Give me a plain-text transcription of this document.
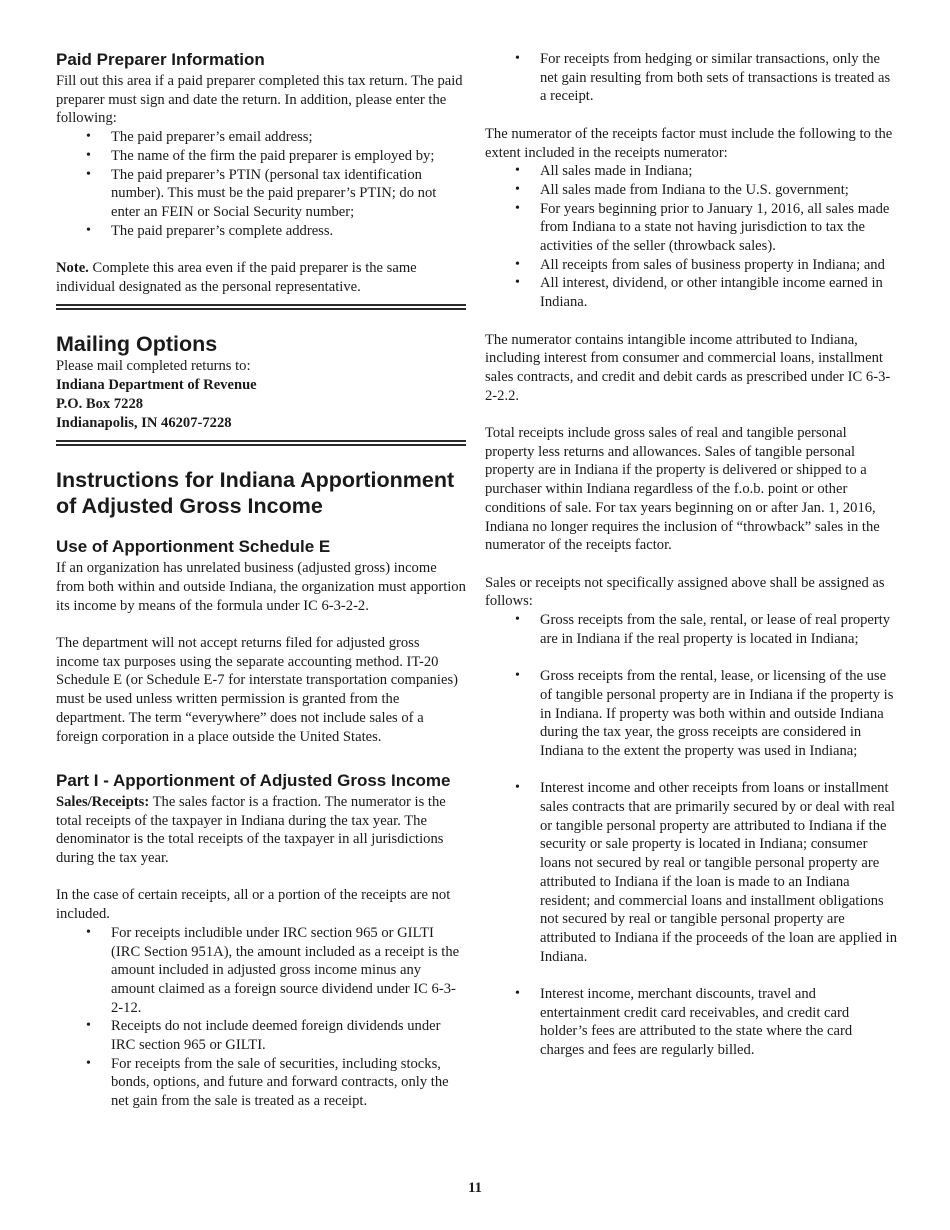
Paid Preparer Information

Fill out this area if a paid preparer completed this tax return. The paid preparer must sign and date the return. In addition, please enter the following:

• The paid preparer’s email address;
• The name of the firm the paid preparer is employed by;
• The paid preparer’s PTIN (personal tax identification number). This must be the paid preparer’s PTIN; do not enter an FEIN or Social Security number;
• The paid preparer’s complete address.

Note. Complete this area even if the paid preparer is the same individual designated as the personal representative.

Mailing Options

Please mail completed returns to:

Indiana Department of Revenue
P.O. Box 7228
Indianapolis, IN 46207-7228

Instructions for Indiana Apportionment of Adjusted Gross Income
Use of Apportionment Schedule E

If an organization has unrelated business (adjusted gross) income from both within and outside Indiana, the organization must apportion its income by means of the formula under IC 6-3-2-2.

The department will not accept returns filed for adjusted gross income tax purposes using the separate accounting method. IT-20 Schedule E (or Schedule E-7 for interstate transportation companies) must be used unless written permission is granted from the department. The term “everywhere” does not include sales of a foreign corporation in a place outside the United States.

Part I - Apportionment of Adjusted Gross Income

Sales/Receipts: The sales factor is a fraction. The numerator is the total receipts of the taxpayer in Indiana during the tax year. The denominator is the total receipts of the taxpayer in all jurisdictions during the tax year.

In the case of certain receipts, all or a portion of the receipts are not included.

• For receipts includible under IRC section 965 or GILTI (IRC Section 951A), the amount included as a receipt is the amount included in adjusted gross income minus any amount claimed as a foreign source dividend under IC 6-3-2-12.
• Receipts do not include deemed foreign dividends under IRC section 965 or GILTI.
• For receipts from the sale of securities, including stocks, bonds, options, and future and forward contracts, only the net gain from the sale is treated as a receipt.
• For receipts from hedging or similar transactions, only the net gain resulting from both sets of transactions is treated as a receipt.

The numerator of the receipts factor must include the following to the extent included in the receipts numerator:

• All sales made in Indiana;
• All sales made from Indiana to the U.S. government;
• For years beginning prior to January 1, 2016, all sales made from Indiana to a state not having jurisdiction to tax the activities of the seller (throwback sales).
• All receipts from sales of business property in Indiana; and
• All interest, dividend, or other intangible income earned in Indiana.

The numerator contains intangible income attributed to Indiana, including interest from consumer and commercial loans, installment sales contracts, and credit and debit cards as prescribed under IC 6-3-2-2.2.

Total receipts include gross sales of real and tangible personal property less returns and allowances. Sales of tangible personal property are in Indiana if the property is delivered or shipped to a purchaser within Indiana regardless of the f.o.b. point or other conditions of sale. For tax years beginning on or after Jan. 1, 2016, Indiana no longer requires the inclusion of “throwback” sales in the numerator of the receipts factor.

Sales or receipts not specifically assigned above shall be assigned as follows:

• Gross receipts from the sale, rental, or lease of real property are in Indiana if the real property is located in Indiana;
• Gross receipts from the rental, lease, or licensing of the use of tangible personal property are in Indiana if the property is in Indiana. If property was both within and outside Indiana during the tax year, the gross receipts are considered in Indiana to the extent the property was used in Indiana;
• Interest income and other receipts from loans or installment sales contracts that are primarily secured by or deal with real or tangible personal property are attributed to Indiana if the security or sale property is located in Indiana; consumer loans not secured by real or tangible personal property are attributed to Indiana if the loan is made to an Indiana resident; and commercial loans and installment obligations not secured by real or tangible personal property are attributed to Indiana if the proceeds of the loan are applied in Indiana.
• Interest income, merchant discounts, travel and entertainment credit card receivables, and credit card holder’s fees are attributed to the state where the card charges and fees are regularly billed.
11
